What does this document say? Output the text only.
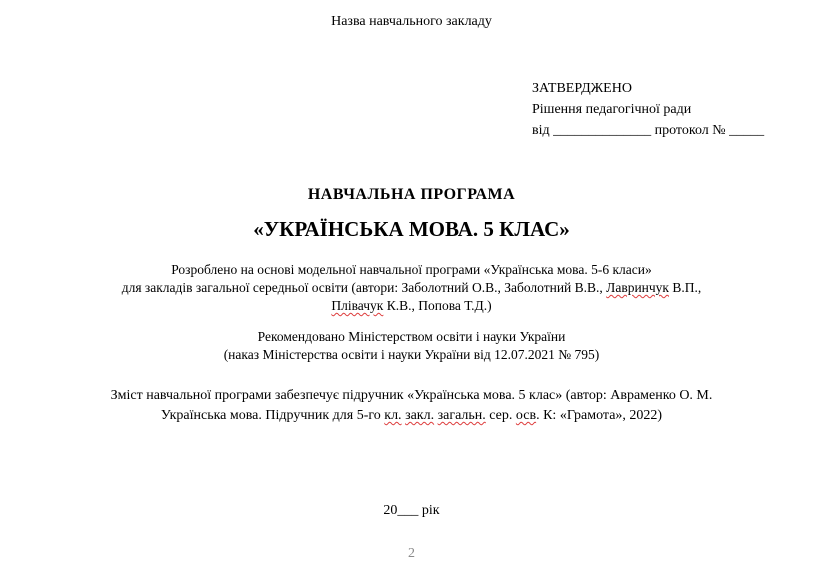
Назва навчального закладу
ЗАТВЕРДЖЕНО
Рішення педагогічної ради
від ______________ протокол № _____
НАВЧАЛЬНА ПРОГРАМА
«УКРАЇНСЬКА МОВА. 5 КЛАС»
Розроблено на основі модельної навчальної програми «Українська мова. 5-6 класи»
для закладів загальної середньої освіти (автори: Заболотний О.В., Заболотний В.В., Лавринчук В.П.,
Плівачук К.В., Попова Т.Д.)
Рекомендовано Міністерством освіти і науки України
(наказ Міністерства освіти і науки України від 12.07.2021 № 795)
Зміст навчальної програми забезпечує підручник «Українська мова. 5 клас» (автор: Авраменко О. М.
Українська мова. Підручник для 5-го кл. закл. загальн. сер. осв. К: «Грамота», 2022)
20___ рік
2
